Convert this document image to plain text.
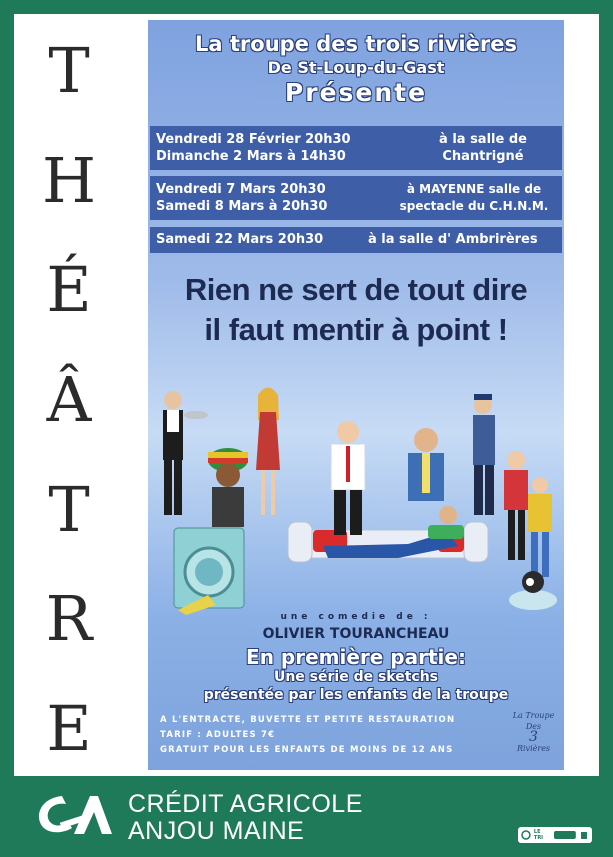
T
H
É
Â
T
R
E
La troupe des trois rivières
De St-Loup-du-Gast
Présente
Vendredi 28 Février 20h30
Dimanche 2 Mars à 14h30
à la salle de
Chantrigné
Vendredi 7 Mars 20h30
Samedi 8 Mars à 20h30
à MAYENNE salle de
spectacle du C.H.N.M.
Samedi 22 Mars 20h30	à la salle d' Ambrirères
Rien ne sert de tout dire
il faut mentir à point !
une comedie de :
OLIVIER TOURANCHEAU
En première partie:
Une série de sketchs
présentée par les enfants de la troupe
A L'ENTRACTE, BUVETTE ET PETITE RESTAURATION
TARIF : ADULTES 7€
GRATUIT POUR LES ENFANTS DE MOINS DE 12 ANS
La Troupe
Des
3
Rivières
CRÉDIT AGRICOLE
ANJOU MAINE	LE TRI
